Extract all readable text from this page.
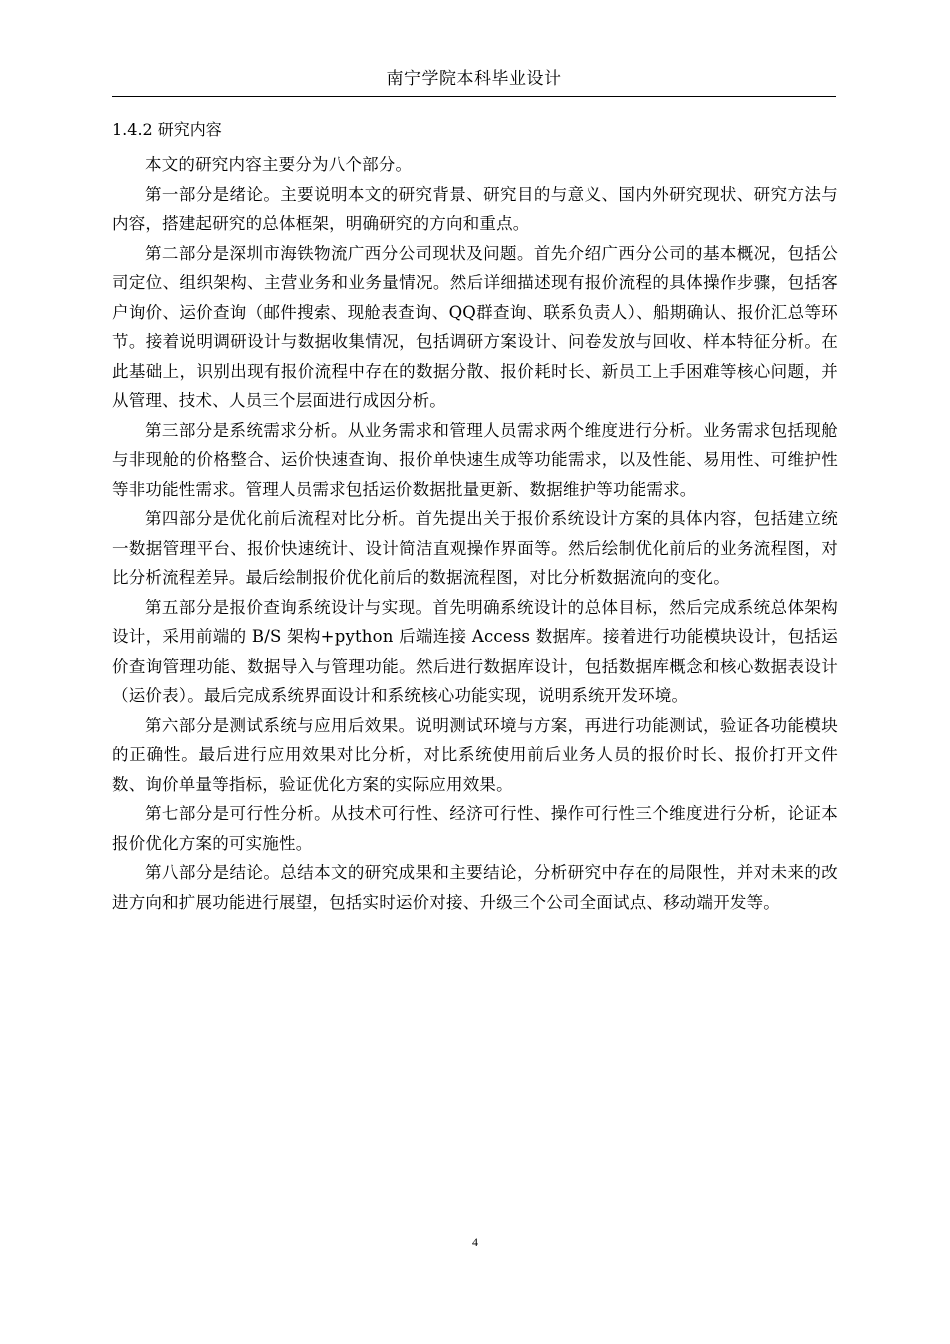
南宁学院本科毕业设计
1.4.2 研究内容

本文的研究内容主要分为八个部分。

第一部分是绪论。主要说明本文的研究背景、研究目的与意义、国内外研究现状、研究方法与内容，搭建起研究的总体框架，明确研究的方向和重点。

第二部分是深圳市海铁物流广西分公司现状及问题。首先介绍广西分公司的基本概况，包括公司定位、组织架构、主营业务和业务量情况。然后详细描述现有报价流程的具体操作步骤，包括客户询价、运价查询（邮件搜索、现舱表查询、QQ群查询、联系负责人）、船期确认、报价汇总等环节。接着说明调研设计与数据收集情况，包括调研方案设计、问卷发放与回收、样本特征分析。在此基础上，识别出现有报价流程中存在的数据分散、报价耗时长、新员工上手困难等核心问题，并从管理、技术、人员三个层面进行成因分析。

第三部分是系统需求分析。从业务需求和管理人员需求两个维度进行分析。业务需求包括现舱与非现舱的价格整合、运价快速查询、报价单快速生成等功能需求，以及性能、易用性、可维护性等非功能性需求。管理人员需求包括运价数据批量更新、数据维护等功能需求。

第四部分是优化前后流程对比分析。首先提出关于报价系统设计方案的具体内容，包括建立统一数据管理平台、报价快速统计、设计简洁直观操作界面等。然后绘制优化前后的业务流程图，对比分析流程差异。最后绘制报价优化前后的数据流程图，对比分析数据流向的变化。

第五部分是报价查询系统设计与实现。首先明确系统设计的总体目标，然后完成系统总体架构设计，采用前端的 B/S 架构+python 后端连接 Access 数据库。接着进行功能模块设计，包括运价查询管理功能、数据导入与管理功能。然后进行数据库设计，包括数据库概念和核心数据表设计（运价表）。最后完成系统界面设计和系统核心功能实现，说明系统开发环境。

第六部分是测试系统与应用后效果。说明测试环境与方案，再进行功能测试，验证各功能模块的正确性。最后进行应用效果对比分析，对比系统使用前后业务人员的报价时长、报价打开文件数、询价单量等指标，验证优化方案的实际应用效果。

第七部分是可行性分析。从技术可行性、经济可行性、操作可行性三个维度进行分析，论证本报价优化方案的可实施性。

第八部分是结论。总结本文的研究成果和主要结论，分析研究中存在的局限性，并对未来的改进方向和扩展功能进行展望，包括实时运价对接、升级三个公司全面试点、移动端开发等。

4
